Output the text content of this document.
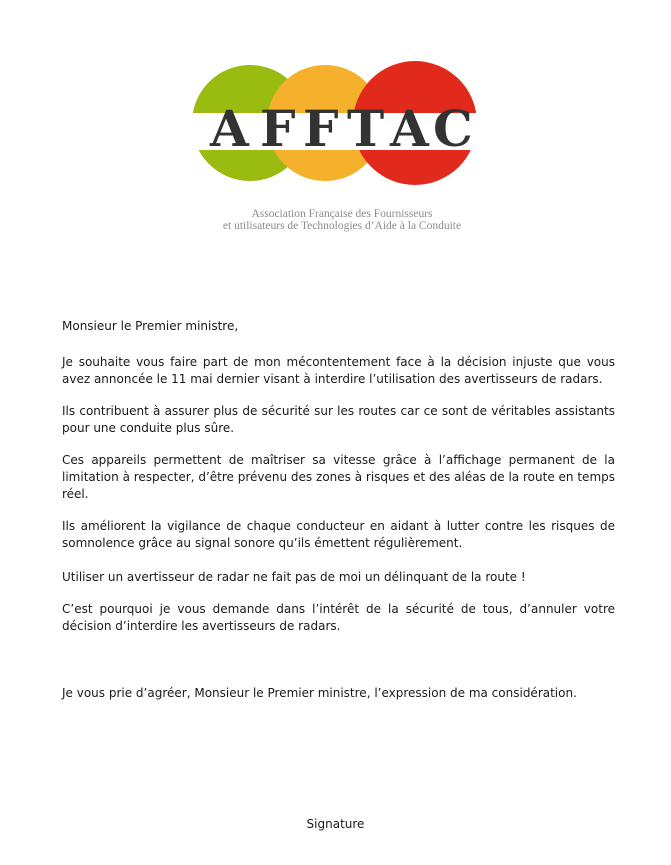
A F F T A C
Association Française des Fournisseurs
et utilisateurs de Technologies d’Aide à la Conduite

Monsieur le Premier ministre,

Je souhaite vous faire part de mon mécontentement face à la décision injuste que vous avez annoncée le 11 mai dernier visant à interdire l’utilisation des avertisseurs de radars.

Ils contribuent à assurer plus de sécurité sur les routes car ce sont de véritables assistants pour une conduite plus sûre.

Ces appareils permettent de maîtriser sa vitesse grâce à l’affichage permanent de la limitation à respecter, d’être prévenu des zones à risques et des aléas de la route en temps réel.

Ils améliorent la vigilance de chaque conducteur en aidant à lutter contre les risques de somnolence grâce au signal sonore qu’ils émettent régulièrement.

Utiliser un avertisseur de radar ne fait pas de moi un délinquant de la route !

C’est pourquoi je vous demande dans l’intérêt de la sécurité de tous, d’annuler votre décision d’interdire les avertisseurs de radars.

Je vous prie d’agréer, Monsieur le Premier ministre, l’expression de ma considération.

Signature
